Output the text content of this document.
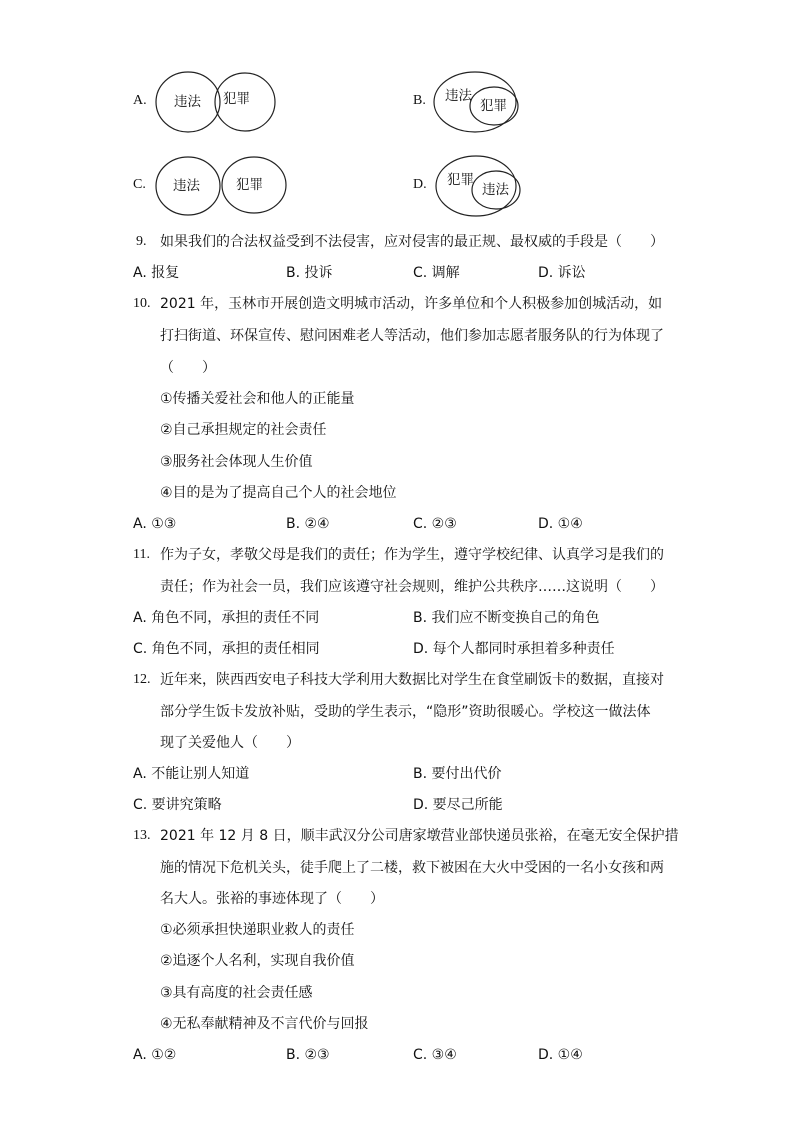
A. 违法 犯罪	B. 违法
犯罪
C. 违法	犯罪	D. 犯罪
违法
9. 如果我们的合法权益受到不法侵害，应对侵害的最正规、最权威的手段是（　　）
A. 报复	B. 投诉	C. 调解	D. 诉讼
10. 2021 年，玉林市开展创造文明城市活动，许多单位和个人积极参加创城活动，如
打扫街道、环保宣传、慰问困难老人等活动，他们参加志愿者服务队的行为体现了
（　　）
①传播关爱社会和他人的正能量
②自己承担规定的社会责任
③服务社会体现人生价值
④目的是为了提高自己个人的社会地位
A. ①③	B. ②④	C. ②③	D. ①④
11. 作为子女，孝敬父母是我们的责任；作为学生，遵守学校纪律、认真学习是我们的
责任；作为社会一员，我们应该遵守社会规则，维护公共秩序……这说明（　　）
A. 角色不同，承担的责任不同	B. 我们应不断变换自己的角色
C. 角色不同，承担的责任相同	D. 每个人都同时承担着多种责任
12. 近年来，陕西西安电子科技大学利用大数据比对学生在食堂刷饭卡的数据，直接对
部分学生饭卡发放补贴，受助的学生表示，“隐形”资助很暖心。学校这一做法体
现了关爱他人（　　）
A. 不能让别人知道	B. 要付出代价
C. 要讲究策略	D. 要尽己所能
13. 2021 年 12 月 8 日，顺丰武汉分公司唐家墩营业部快递员张裕，在毫无安全保护措
施的情况下危机关头，徒手爬上了二楼，救下被困在大火中受困的一名小女孩和两
名大人。张裕的事迹体现了（　　）
①必须承担快递职业救人的责任
②追逐个人名利，实现自我价值
③具有高度的社会责任感
④无私奉献精神及不言代价与回报
A. ①②	B. ②③	C. ③④	D. ①④
